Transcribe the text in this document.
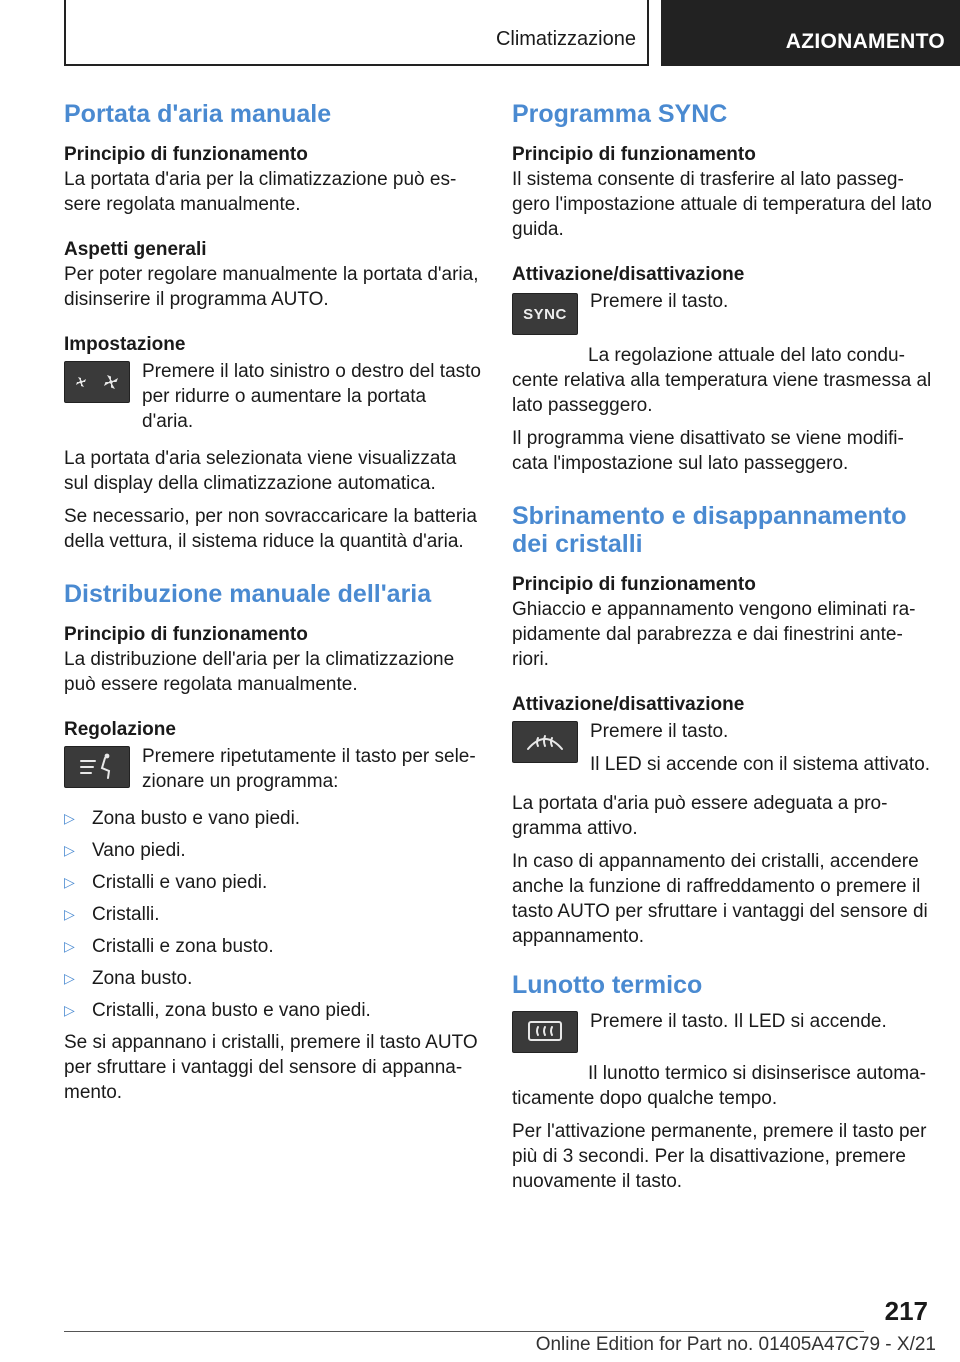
Climatizzazione	AZIONAMENTO
Portata d'aria manuale
Principio di funzionamento

La portata d'aria per la climatizzazione può essere regolata manualmente.

Aspetti generali

Per poter regolare manualmente la portata d'aria, disinserire il programma AUTO.

Impostazione

Premere il lato sinistro o destro del tasto per ridurre o aumentare la portata d'aria.

La portata d'aria selezionata viene visualizzata sul display della climatizzazione automatica.

Se necessario, per non sovraccaricare la batteria della vettura, il sistema riduce la quantità d'aria.

Distribuzione manuale dell'aria
Principio di funzionamento

La distribuzione dell'aria per la climatizzazione può essere regolata manualmente.

Regolazione

Premere ripetutamente il tasto per selezionare un programma:

▷ Zona busto e vano piedi.
▷ Vano piedi.
▷ Cristalli e vano piedi.
▷ Cristalli.
▷ Cristalli e zona busto.
▷ Zona busto.
▷ Cristalli, zona busto e vano piedi.

Se si appannano i cristalli, premere il tasto AUTO per sfruttare i vantaggi del sensore di appannamento.

Programma SYNC
Principio di funzionamento

Il sistema consente di trasferire al lato passeggero l'impostazione attuale di temperatura del lato guida.

Attivazione/disattivazione
SYNC

Premere il tasto.

La regolazione attuale del lato conducente relativa alla temperatura viene trasmessa al lato passeggero.

Il programma viene disattivato se viene modificata l'impostazione sul lato passeggero.

Sbrinamento e disappannamento dei cristalli
Principio di funzionamento

Ghiaccio e appannamento vengono eliminati rapidamente dal parabrezza e dai finestrini anteriori.

Attivazione/disattivazione

Premere il tasto.

Il LED si accende con il sistema attivato.

La portata d'aria può essere adeguata a programma attivo.

In caso di appannamento dei cristalli, accendere anche la funzione di raffreddamento o premere il tasto AUTO per sfruttare i vantaggi del sensore di appannamento.

Lunotto termico

Premere il tasto. Il LED si accende.

Il lunotto termico si disinserisce automaticamente dopo qualche tempo.

Per l'attivazione permanente, premere il tasto per più di 3 secondi. Per la disattivazione, premere nuovamente il tasto.

217
Online Edition for Part no. 01405A47C79 - X/21
